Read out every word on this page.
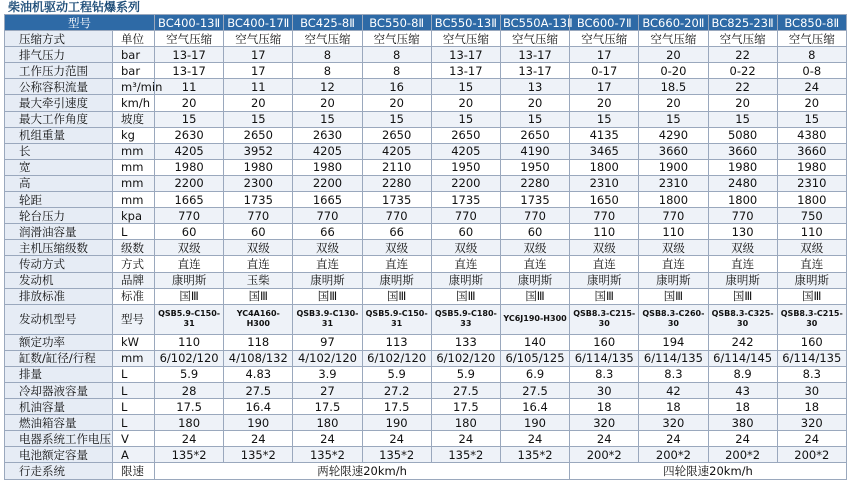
柴油机驱动工程钻爆系列
型号		BC400-13Ⅱ	BC400-17Ⅱ	BC425-8Ⅱ	BC550-8Ⅱ	BC550-13Ⅱ	BC550A-13Ⅱ	BC600-7Ⅱ	BC660-20Ⅱ	BC825-23Ⅱ	BC850-8Ⅱ
压缩方式	单位	空气压缩	空气压缩	空气压缩	空气压缩	空气压缩	空气压缩	空气压缩	空气压缩	空气压缩	空气压缩
排气压力	bar	13-17	17	8	8	13-17	13-17	17	20	22	8
工作压力范围	bar	13-17	17	8	8	13-17	13-17	0-17	0-20	0-22	0-8
公称容积流量	m³/min	11	11	12	16	15	13	17	18.5	22	24
最大牵引速度	km/h	20	20	20	20	20	20	20	20	20	20
最大工作角度	坡度	15	15	15	15	15	15	15	15	15	15
机组重量	kg	2630	2650	2630	2650	2650	2650	4135	4290	5080	4380
长	mm	4205	3952	4205	4205	4205	4190	3465	3660	3660	3660
宽	mm	1980	1980	1980	2110	1950	1950	1800	1900	1980	1980
高	mm	2200	2300	2200	2280	2200	2280	2310	2310	2480	2310
轮距	mm	1665	1735	1665	1735	1735	1735	1650	1800	1800	1800
轮台压力	kpa	770	770	770	770	770	770	770	770	770	750
润滑油容量	L	60	60	66	66	60	60	110	110	130	110
主机压缩级数	级数	双级	双级	双级	双级	双级	双级	双级	双级	双级	双级
传动方式	方式	直连	直连	直连	直连	直连	直连	直连	直连	直连	直连
发动机	品牌	康明斯	玉柴	康明斯	康明斯	康明斯	康明斯	康明斯	康明斯	康明斯	康明斯
排放标准	标准	国Ⅲ	国Ⅲ	国Ⅲ	国Ⅲ	国Ⅲ	国Ⅲ	国Ⅲ	国Ⅲ	国Ⅲ	国Ⅲ
发动机型号	型号	QSB5.9-C150-31	YC4A160-H300	QSB3.9-C130-31	QSB5.9-C150-31	QSB5.9-C180-33	YC6J190-H300	QSB8.3-C215-30	QSB8.3-C260-30	QSB8.3-C325-30	QSB8.3-C215-30
额定功率	kW	110	118	97	113	133	140	160	194	242	160
缸数/缸径/行程	mm	6/102/120	4/108/132	4/102/120	6/102/120	6/102/120	6/105/125	6/114/135	6/114/135	6/114/145	6/114/135
排量	L	5.9	4.83	3.9	5.9	5.9	6.9	8.3	8.3	8.9	8.3
冷却器液容量	L	28	27.5	27	27.2	27.5	27.5	30	42	43	30
机油容量	L	17.5	16.4	17.5	17.5	17.5	16.4	18	18	18	18
燃油箱容量	L	180	190	180	190	180	190	320	320	380	320
电器系统工作电压	V	24	24	24	24	24	24	24	24	24	24
电池额定容量	A	135*2	135*2	135*2	135*2	135*2	135*2	200*2	200*2	200*2	200*2
行走系统	限速	两轮限速20km/h						四轮限速20km/h			
